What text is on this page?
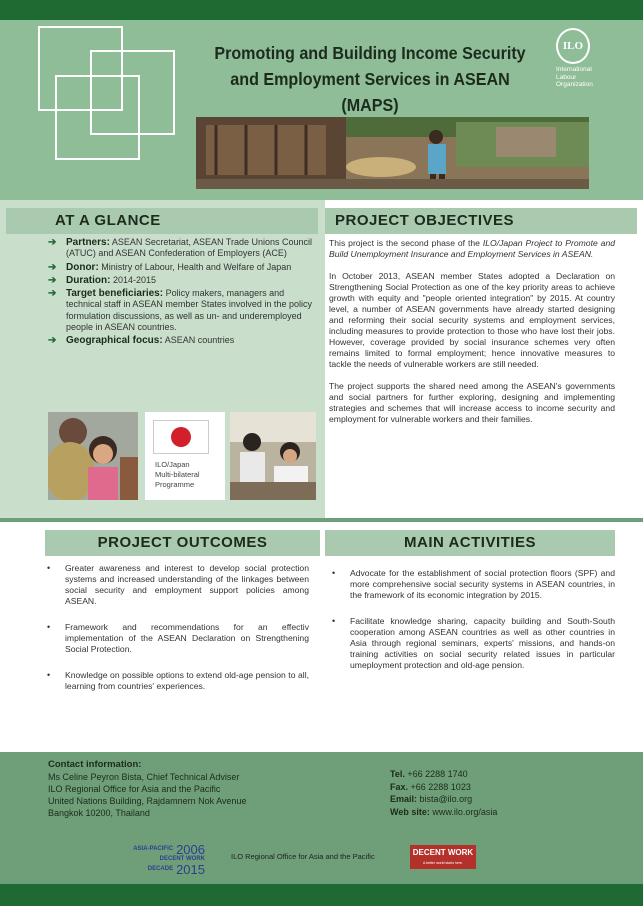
Promoting and Building Income Security
and Employment Services in ASEAN (MAPS)
ILO
International
Labour
Organization
AT A GLANCE
➔ Partners: ASEAN Secretariat, ASEAN Trade Unions Council (ATUC) and ASEAN Confederation of Employers (ACE)
➔ Donor: Ministry of Labour, Health and Welfare of Japan
➔ Duration: 2014-2015
➔ Target beneficiaries: Policy makers, managers and technical staff in ASEAN member States involved in the policy formulation discussions, as well as un- and underemployed people in ASEAN countries.
➔ Geographical focus: ASEAN countries
ILO/Japan
Multi-bilateral
Programme
PROJECT OBJECTIVES

This project is the second phase of the ILO/Japan Project to Promote and Build Unemployment Insurance and Employment Services in ASEAN.

In October 2013, ASEAN member States adopted a Declaration on Strengthening Social Protection as one of the key priority areas to achieve growth with equity and "people oriented integration" by 2015. At country level, a number of ASEAN governments have already started designing and reforming their social security systems and employment services, including measures to provide protection to those who have lost their jobs. However, coverage provided by social insurance schemes very often remains limited to formal employment; hence innovative measures to tackle the needs of vulnerable workers are still needed.

The project supports the shared need among the ASEAN's governments and social partners for further exploring, designing and implementing strategies and schemes that will increase access to income security and employment for vulnerable workers and their families.

PROJECT OUTCOMES	MAIN ACTIVITIES
• Greater awareness and interest to develop social protection systems and increased understanding of the linkages between social security and employment support policies among ASEAN.
• Framework and recommendations for an effectiv implementation of the ASEAN Declaration on Strengthening Social Protection.
• Knowledge on possible options to extend old-age pension to all, learning from countries' experiences.
• Advocate for the establishment of social protection floors (SPF) and more comprehensive social security systems in ASEAN countries, in the framework of its economic integration by 2015.
• Facilitate knowledge sharing, capacity building and South-South cooperation among ASEAN countries as well as other countries in Asia through regional seminars, experts' missions, and hands-on training activities on social security related issues in particular umeployment protection and old-age pension.
Contact information:
Ms Celine Peyron Bista, Chief Technical Adviser
ILO Regional Office for Asia and the Pacific
United Nations Building, Rajdamnern Nok Avenue
Bangkok 10200, Thailand
Tel. +66 2288 1740
Fax. +66 2288 1023
Email: bista@ilo.org
Web site: www.ilo.org/asia
ASIA-PACIFIC 2006
DECENT WORK
DECADE 2015
ILO Regional Office for Asia and the Pacific	DECENT WORK
A better world starts here.
